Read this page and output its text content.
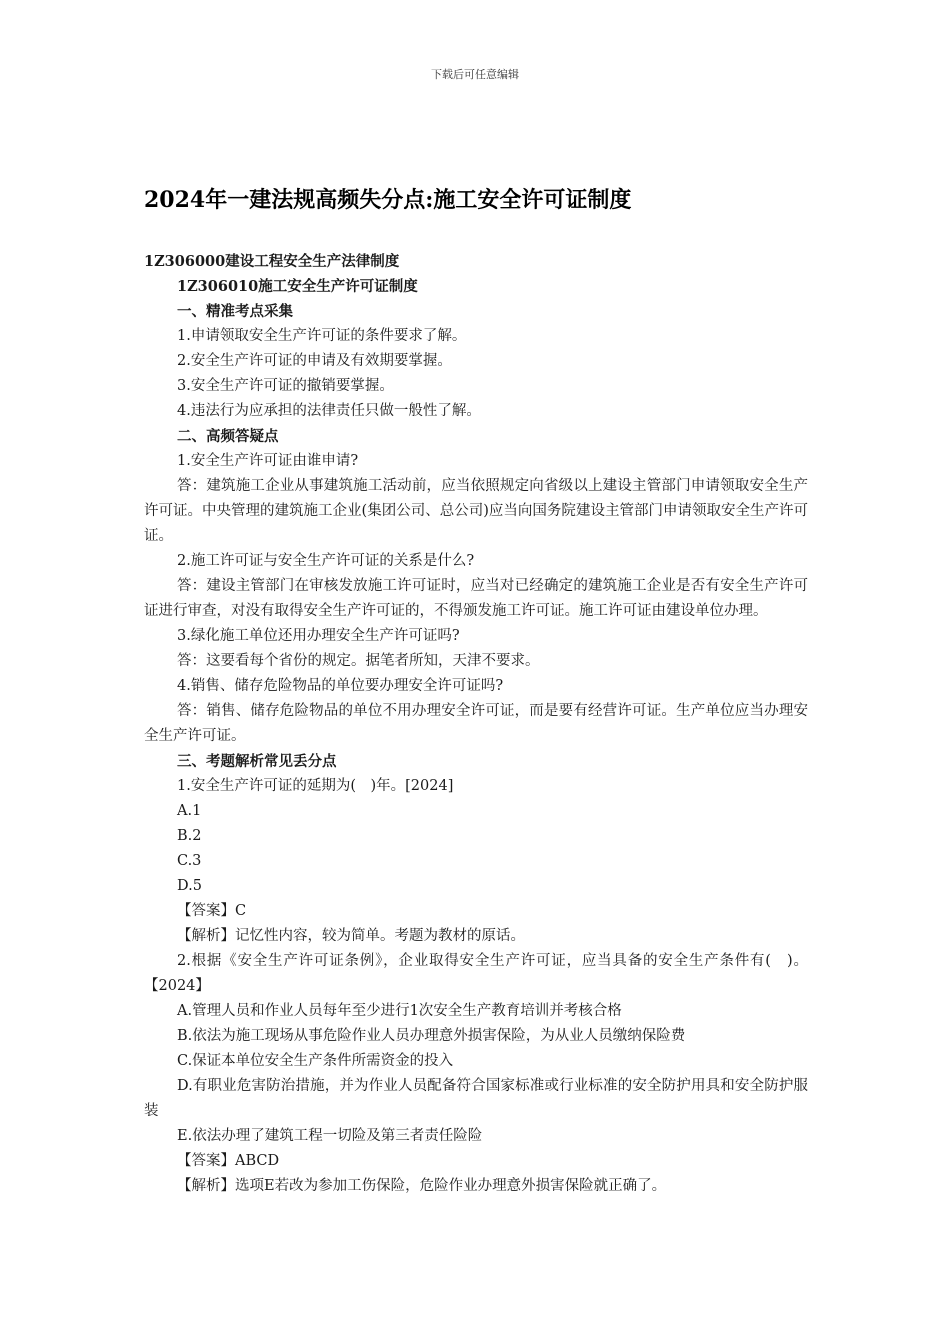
下载后可任意编辑
2024年一建法规高频失分点:施工安全许可证制度

1Z306000建设工程安全生产法律制度

1Z306010施工安全生产许可证制度

一、精准考点采集

1.申请领取安全生产许可证的条件要求了解。

2.安全生产许可证的申请及有效期要掌握。

3.安全生产许可证的撤销要掌握。

4.违法行为应承担的法律责任只做一般性了解。

二、高频答疑点

1.安全生产许可证由谁申请?

答：建筑施工企业从事建筑施工活动前，应当依照规定向省级以上建设主管部门申请领取安全生产许可证。中央管理的建筑施工企业(集团公司、总公司)应当向国务院建设主管部门申请领取安全生产许可证。

2.施工许可证与安全生产许可证的关系是什么?

答：建设主管部门在审核发放施工许可证时，应当对已经确定的建筑施工企业是否有安全生产许可证进行审查，对没有取得安全生产许可证的，不得颁发施工许可证。施工许可证由建设单位办理。

3.绿化施工单位还用办理安全生产许可证吗?

答：这要看每个省份的规定。据笔者所知，天津不要求。

4.销售、储存危险物品的单位要办理安全许可证吗?

答：销售、储存危险物品的单位不用办理安全许可证，而是要有经营许可证。生产单位应当办理安全生产许可证。

三、考题解析常见丢分点

1.安全生产许可证的延期为(　)年。[2024]

A.1

B.2

C.3

D.5

【答案】C

【解析】记忆性内容，较为简单。考题为教材的原话。

2.根据《安全生产许可证条例》，企业取得安全生产许可证，应当具备的安全生产条件有(　)。【2024】

A.管理人员和作业人员每年至少进行1次安全生产教育培训并考核合格

B.依法为施工现场从事危险作业人员办理意外损害保险，为从业人员缴纳保险费

C.保证本单位安全生产条件所需资金的投入

D.有职业危害防治措施，并为作业人员配备符合国家标准或行业标准的安全防护用具和安全防护服装

E.依法办理了建筑工程一切险及第三者责任险险

【答案】ABCD

【解析】选项E若改为参加工伤保险，危险作业办理意外损害保险就正确了。
